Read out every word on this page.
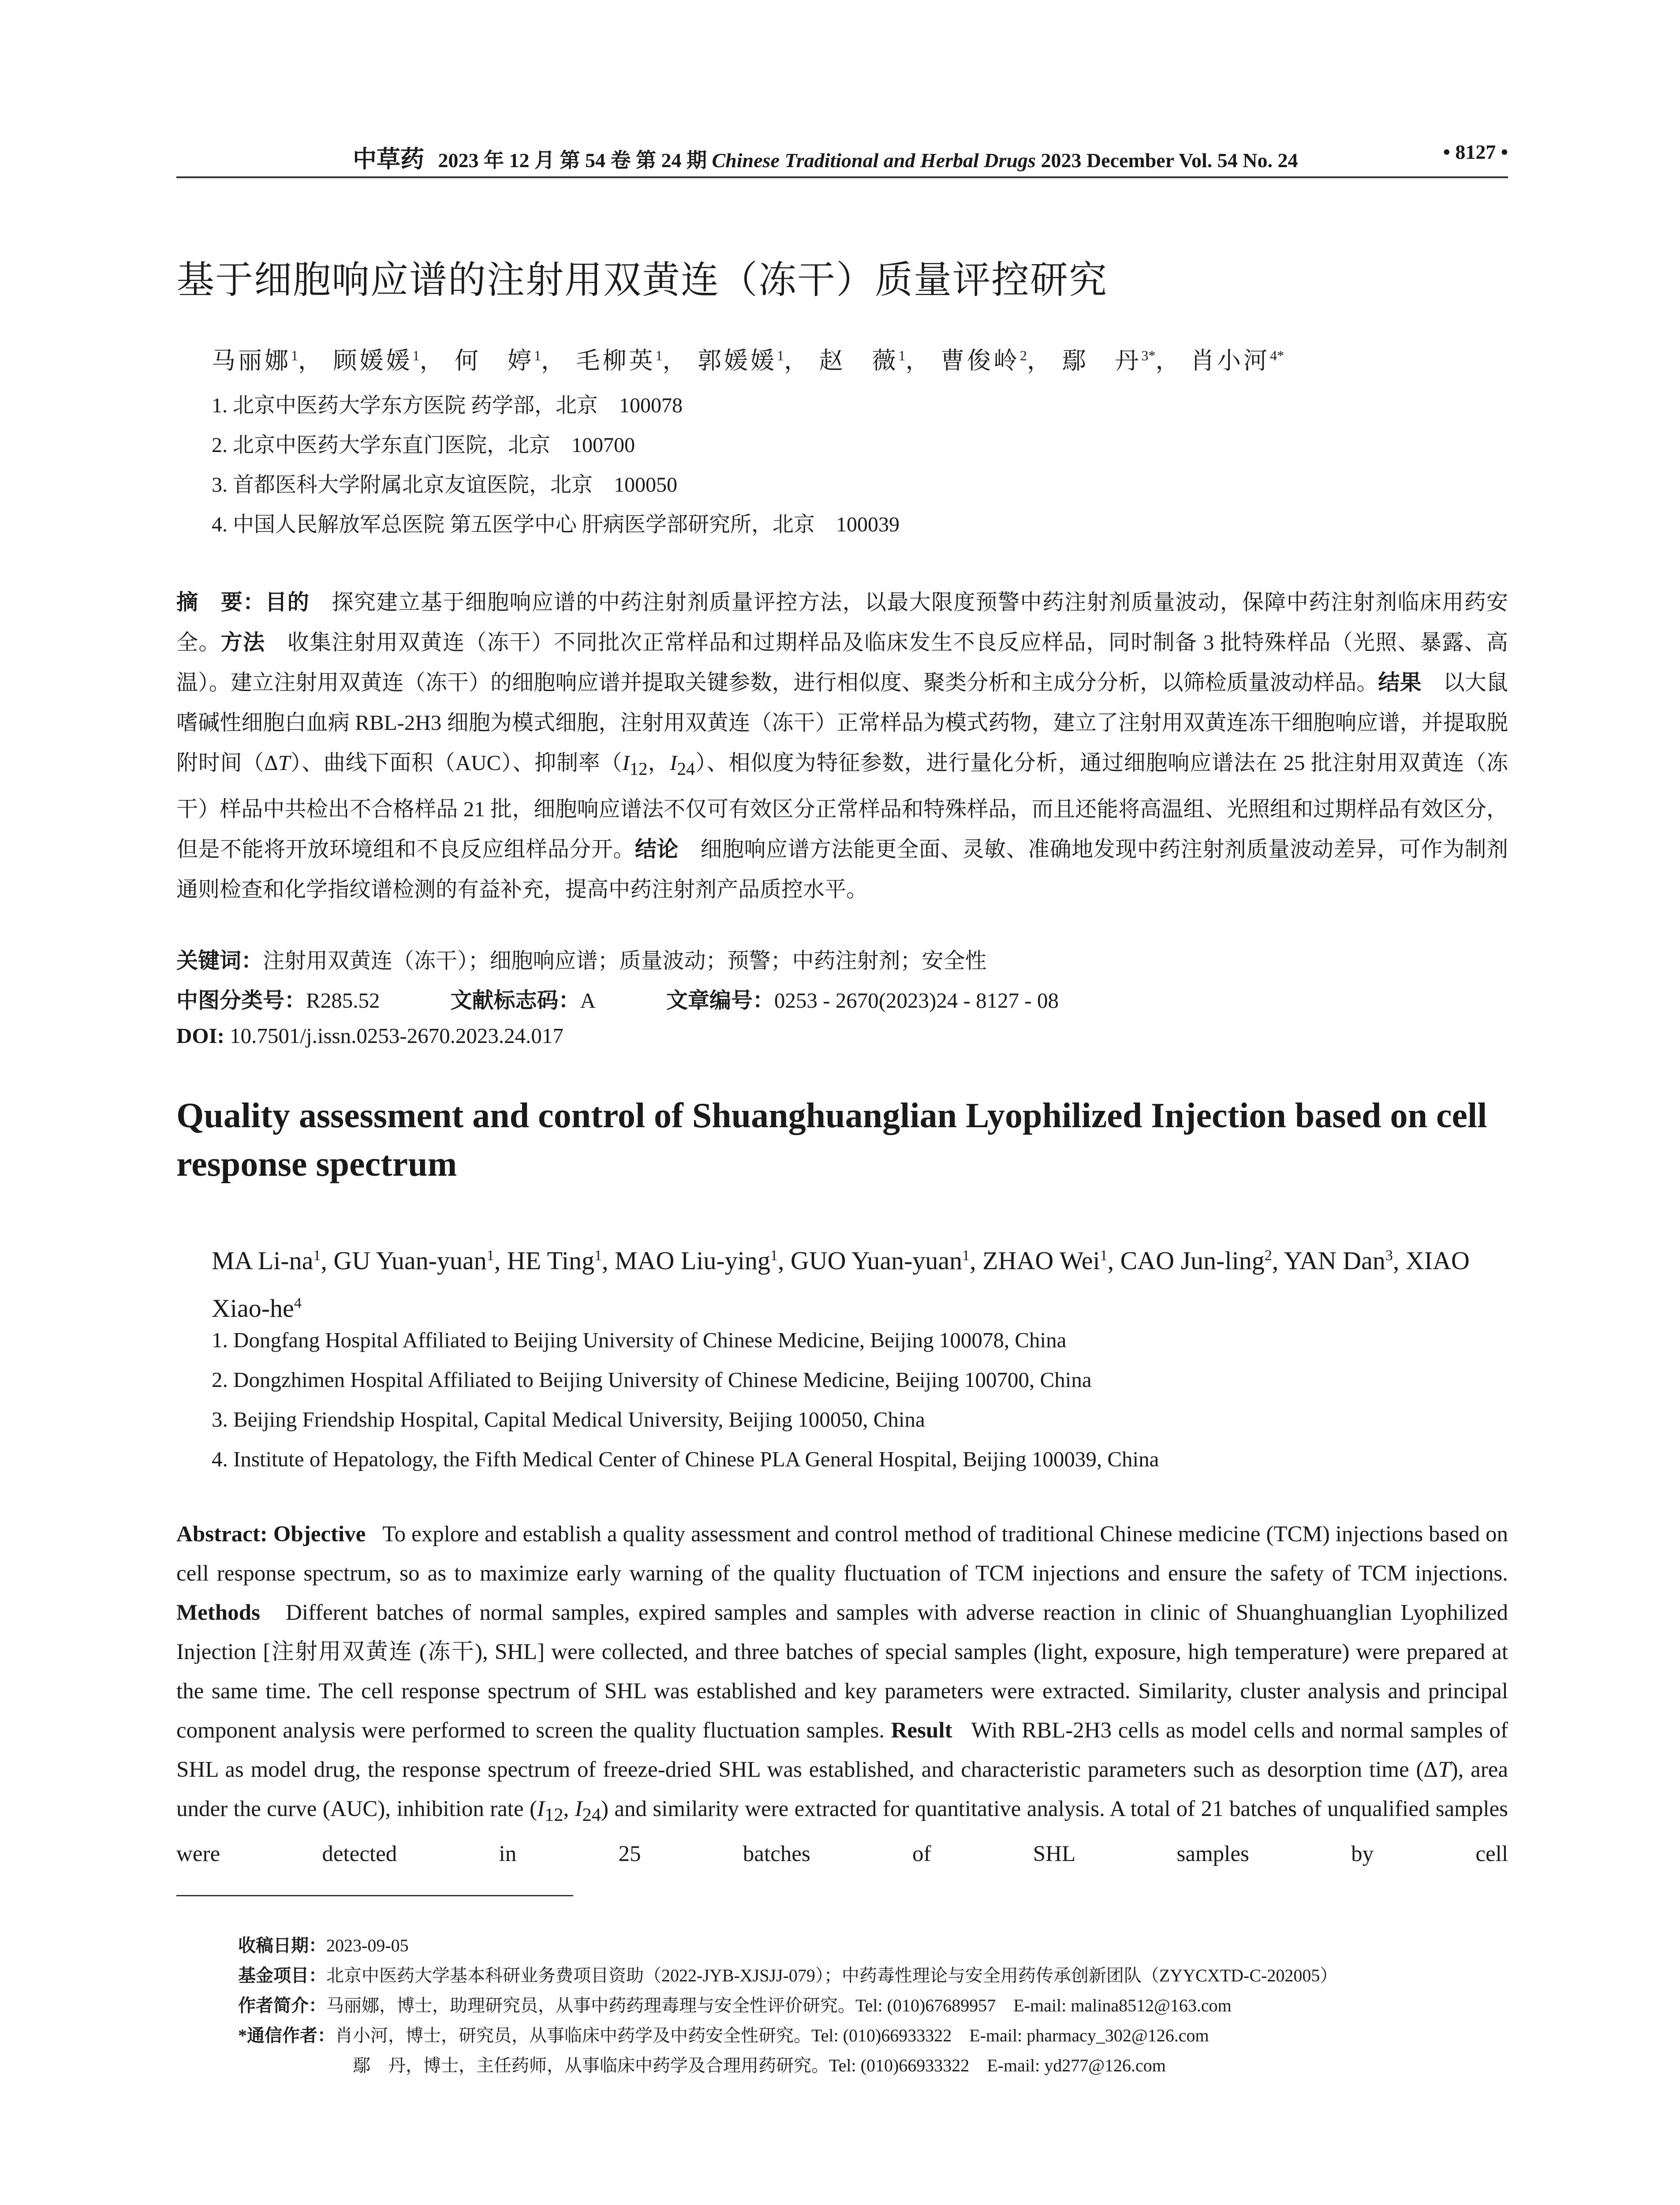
中草药 2023 年 12 月 第 54 卷 第 24 期 Chinese Traditional and Herbal Drugs 2023 December Vol. 54 No. 24	• 8127 •
基于细胞响应谱的注射用双黄连（冻干）质量评控研究
马丽娜$^1$， 顾媛媛$^1$， 何　婷$^1$， 毛柳英$^1$， 郭媛媛$^1$， 赵　薇$^1$， 曹俊岭$^2$， 鄢　丹$^{3*}$， 肖小河$^{4*}$
1. 北京中医药大学东方医院 药学部，北京　100078
2. 北京中医药大学东直门医院，北京　100700
3. 首都医科大学附属北京友谊医院，北京　100050
4. 中国人民解放军总医院 第五医学中心 肝病医学部研究所，北京　100039
摘　要：目的　 探究建立基于细胞响应谱的中药注射剂质量评控方法，以最大限度预警中药注射剂质量波动，保障中药注射剂临床用药安全。方法　 收集注射用双黄连（冻干）不同批次正常样品和过期样品及临床发生不良反应样品，同时制备 3 批特殊样品（光照、暴露、高温）。建立注射用双黄连（冻干）的细胞响应谱并提取关键参数，进行相似度、聚类分析和主成分分析，以筛检质量波动样品。结果　 以大鼠嗜碱性细胞白血病 RBL-2H3 细胞为模式细胞，注射用双黄连（冻干）正常样品为模式药物，建立了注射用双黄连冻干细胞响应谱，并提取脱附时间（ΔT）、曲线下面积（AUC）、抑制率（$I_{12}$，$I_{24}$）、相似度为特征参数，进行量化分析，通过细胞响应谱法在 25 批注射用双黄连（冻干）样品中共检出不合格样品 21 批，细胞响应谱法不仅可有效区分正常样品和特殊样品，而且还能将高温组、光照组和过期样品有效区分，但是不能将开放环境组和不良反应组样品分开。结论　 细胞响应谱方法能更全面、灵敏、准确地发现中药注射剂质量波动差异，可作为制剂通则检查和化学指纹谱检测的有益补充，提高中药注射剂产品质控水平。
关键词：注射用双黄连（冻干）；细胞响应谱；质量波动；预警；中药注射剂；安全性
中图分类号：R285.52	文献标志码：A	文章编号：0253 - 2670(2023)24 - 8127 - 08
DOI: 10.7501/j.issn.0253-2670.2023.24.017
Quality assessment and control of Shuanghuanglian Lyophilized Injection based on cell response spectrum
MA $Li-na^1$, GU Yuan-yuan$^1$, HE Ting$^1$, MAO Liu-ying$^1$, GUO Yuan-yuan$^1$, ZHAO Wei$^1$, CAO Jun-ling$^2$, YAN Dan$^3$, XIAO Xiao-$he^4$
1. Dongfang Hospital Affiliated to Beijing University of Chinese Medicine, Beijing 100078, China
2. Dongzhimen Hospital Affiliated to Beijing University of Chinese Medicine, Beijing 100700, China
3. Beijing Friendship Hospital, Capital Medical University, Beijing 100050, China
4. Institute of Hepatology, the Fifth Medical Center of Chinese PLA General Hospital, Beijing 100039, China
Abstract: Objective To explore and establish a quality assessment and control method of traditional Chinese medicine (TCM) injections based on cell response spectrum, so as to maximize early warning of the quality fluctuation of TCM injections and ensure the safety of TCM injections. Methods Different batches of normal samples, expired samples and samples with adverse reaction in clinic of Shuanghuanglian Lyophilized Injection [注射用双黄连 (冻干), SHL] were collected, and three batches of special samples (light, exposure, high temperature) were prepared at the same time. The cell response spectrum of SHL was established and key parameters were extracted. Similarity, cluster analysis and principal component analysis were performed to screen the quality fluctuation samples. Result With RBL-2H3 cells as model cells and normal samples of SHL as model drug, the response spectrum of freeze-dried SHL was established, and characteristic parameters such as desorption time (ΔT), area under the curve (AUC), inhibition rate ($I_{12}$, $I_{24}$) and similarity were extracted for quantitative analysis. A total of 21 batches of unqualified samples were detected in 25 batches of SHL samples by cell
收稿日期：2023-09-05
基金项目：北京中医药大学基本科研业务费项目资助（2022-JYB-XJSJJ-079）；中药毒性理论与安全用药传承创新团队（ZYYCXTD-C-202005）
作者简介：马丽娜，博士，助理研究员，从事中药药理毒理与安全性评价研究。Tel: (010)67689957　E-mail: malina8512@163.com
*通信作者：肖小河，博士，研究员，从事临床中药学及中药安全性研究。Tel: (010)66933322　E-mail: pharmacy_302@126.com
鄢　丹，博士，主任药师，从事临床中药学及合理用药研究。Tel: (010)66933322　E-mail: yd277@126.com
